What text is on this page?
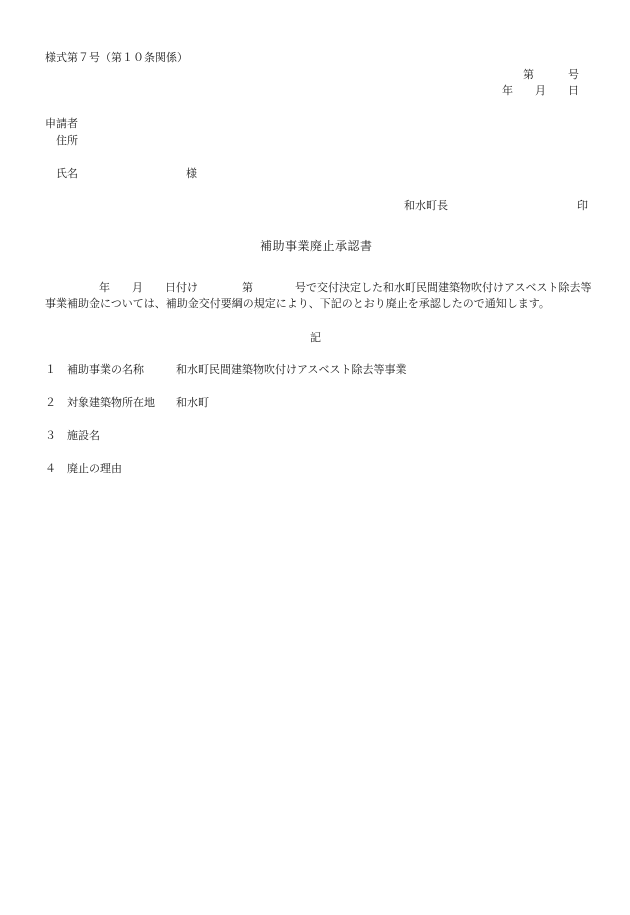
様式第７号（第１０条関係）
第	号
年 月 日
申請者
住所
氏名	様
和水町長	印
補助事業廃止承認書
年 月 日付け	第	号で交付決定した和水町民間建築物吹付けアスベスト除去等
事業補助金については、補助金交付要綱の規定により、下記のとおり廃止を承認したので通知します。
記
１ 補助事業の名称	和水町民間建築物吹付けアスベスト除去等事業
２ 対象建築物所在地 和水町
３ 施設名
４ 廃止の理由
